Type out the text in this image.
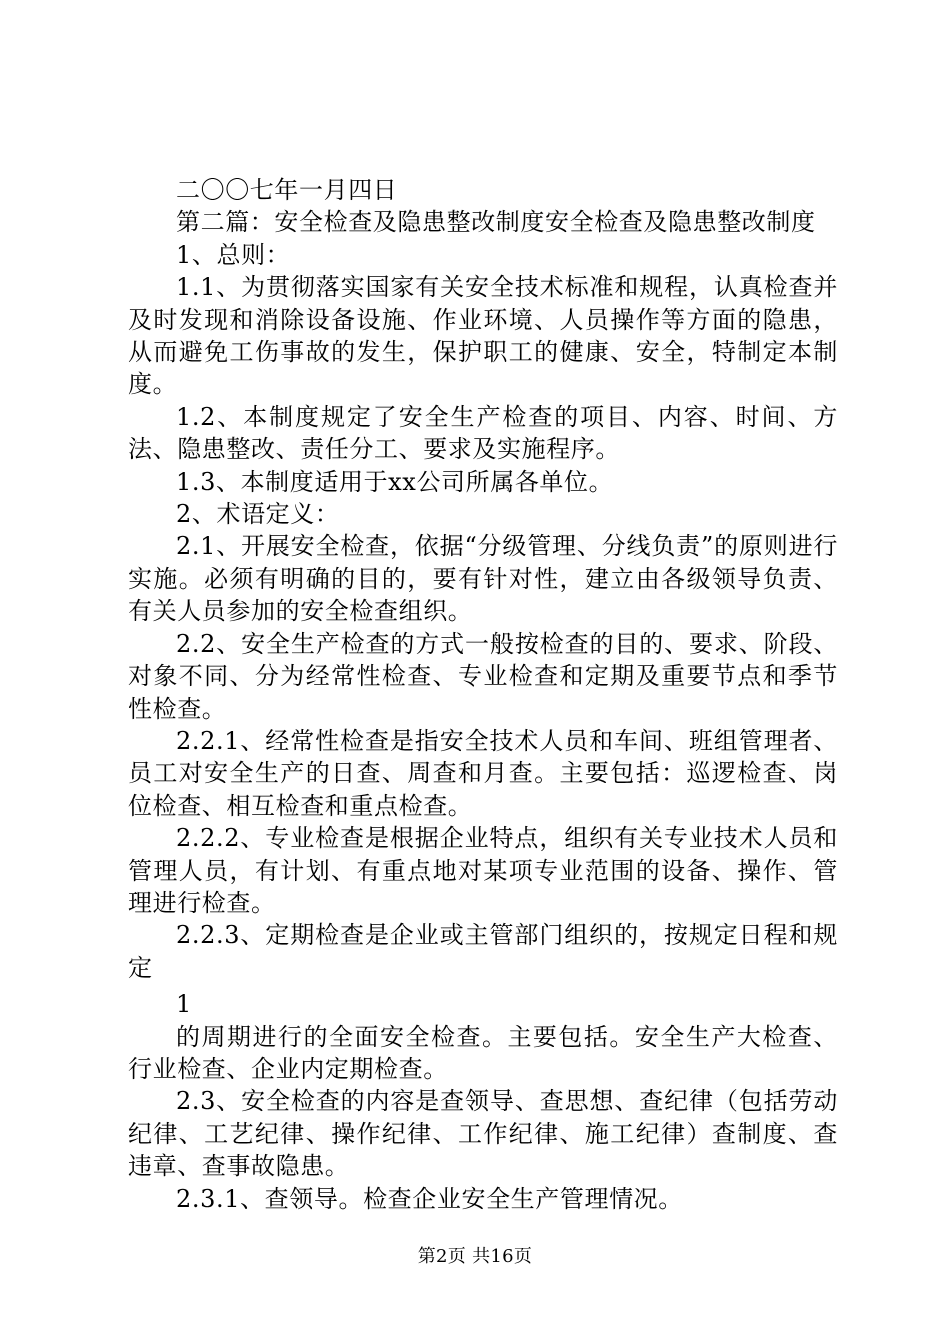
二〇〇七年一月四日

第二篇：安全检查及隐患整改制度安全检查及隐患整改制度

1、总则：

1.1、为贯彻落实国家有关安全技术标准和规程，认真检查并及时发现和消除设备设施、作业环境、人员操作等方面的隐患，从而避免工伤事故的发生，保护职工的健康、安全，特制定本制度。

1.2、本制度规定了安全生产检查的项目、内容、时间、方法、隐患整改、责任分工、要求及实施程序。

1.3、本制度适用于xx公司所属各单位。

2、术语定义：

2.1、开展安全检查，依据“分级管理、分线负责”的原则进行实施。必须有明确的目的，要有针对性，建立由各级领导负责、有关人员参加的安全检查组织。

2.2、安全生产检查的方式一般按检查的目的、要求、阶段、对象不同、分为经常性检查、专业检查和定期及重要节点和季节性检查。

2.2.1、经常性检查是指安全技术人员和车间、班组管理者、员工对安全生产的日查、周查和月查。主要包括：巡逻检查、岗位检查、相互检查和重点检查。

2.2.2、专业检查是根据企业特点，组织有关专业技术人员和管理人员，有计划、有重点地对某项专业范围的设备、操作、管理进行检查。

2.2.3、定期检查是企业或主管部门组织的，按规定日程和规定

1

的周期进行的全面安全检查。主要包括。安全生产大检查、行业检查、企业内定期检查。

2.3、安全检查的内容是查领导、查思想、查纪律（包括劳动纪律、工艺纪律、操作纪律、工作纪律、施工纪律）查制度、查违章、查事故隐患。

2.3.1、查领导。检查企业安全生产管理情况。

第2页 共16页
